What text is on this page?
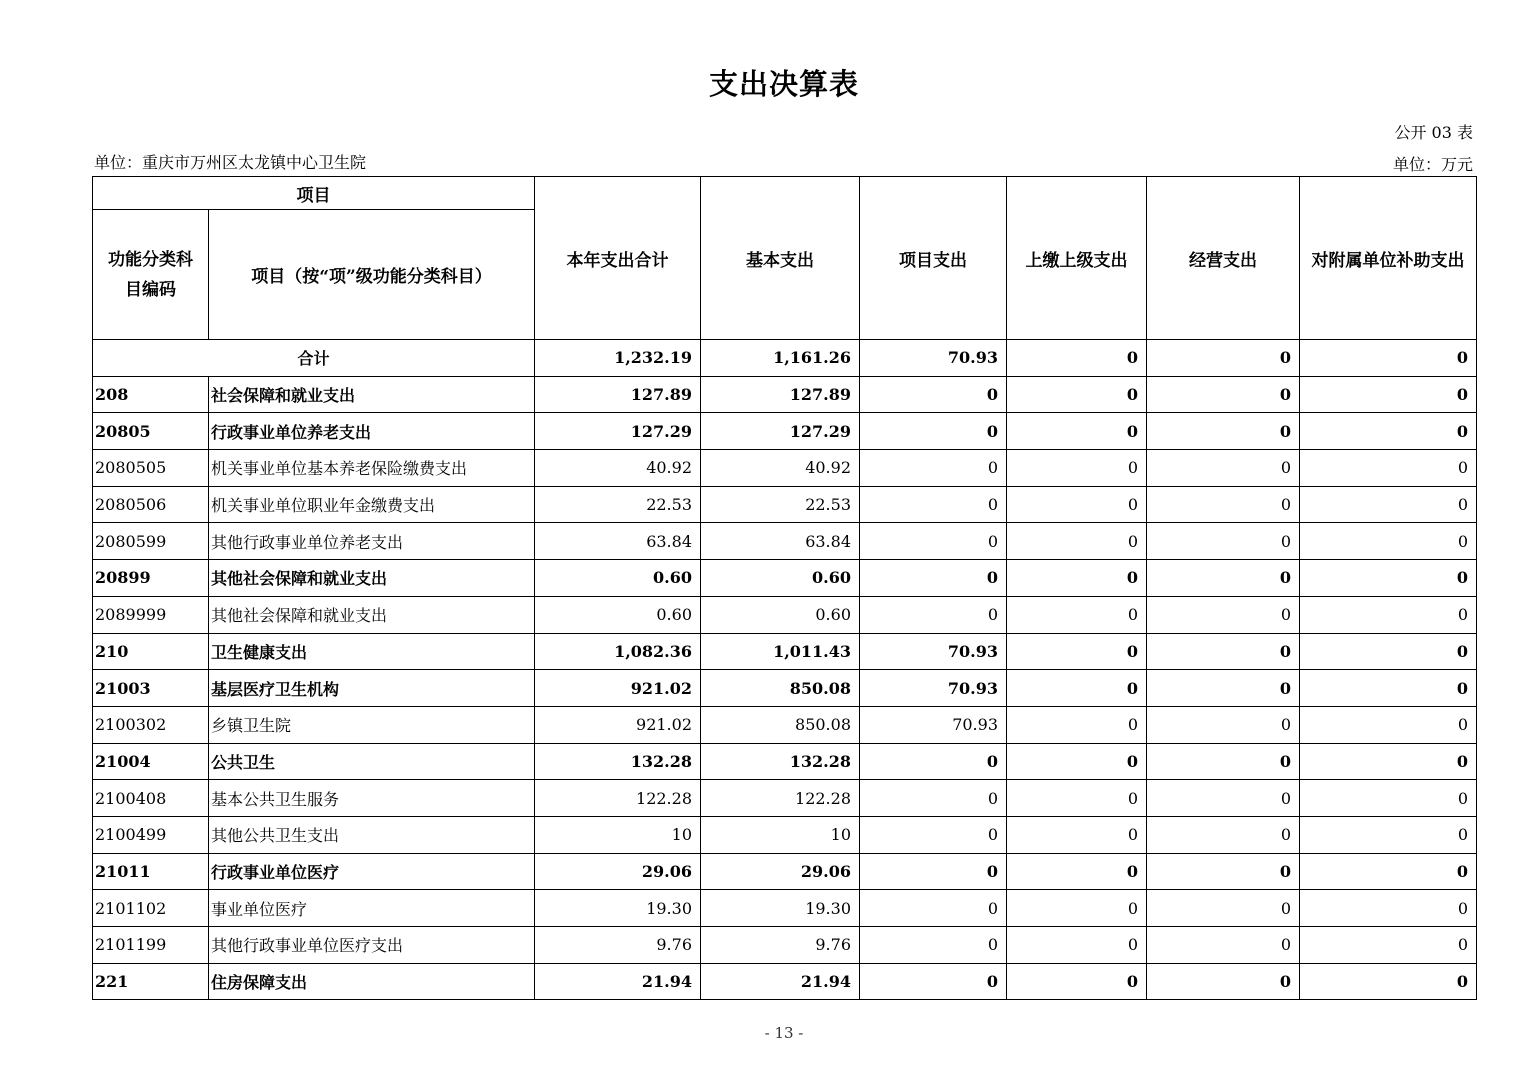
支出决算表
公开 03 表
单位：重庆市万州区太龙镇中心卫生院	单位：万元
项目		本年支出合计	基本支出	项目支出	上缴上级支出	经营支出	对附属单位补助支出
功能分类科目编码	项目（按“项”级功能分类科目）						
合计		1,232.19	1,161.26	70.93	0	0	0
208	社会保障和就业支出	127.89	127.89	0	0	0	0
20805	行政事业单位养老支出	127.29	127.29	0	0	0	0
2080505	机关事业单位基本养老保险缴费支出	40.92	40.92	0	0	0	0
2080506	机关事业单位职业年金缴费支出	22.53	22.53	0	0	0	0
2080599	其他行政事业单位养老支出	63.84	63.84	0	0	0	0
20899	其他社会保障和就业支出	0.60	0.60	0	0	0	0
2089999	其他社会保障和就业支出	0.60	0.60	0	0	0	0
210	卫生健康支出	1,082.36	1,011.43	70.93	0	0	0
21003	基层医疗卫生机构	921.02	850.08	70.93	0	0	0
2100302	乡镇卫生院	921.02	850.08	70.93	0	0	0
21004	公共卫生	132.28	132.28	0	0	0	0
2100408	基本公共卫生服务	122.28	122.28	0	0	0	0
2100499	其他公共卫生支出	10	10	0	0	0	0
21011	行政事业单位医疗	29.06	29.06	0	0	0	0
2101102	事业单位医疗	19.30	19.30	0	0	0	0
2101199	其他行政事业单位医疗支出	9.76	9.76	0	0	0	0
221	住房保障支出	21.94	21.94	0	0	0	0
- 13 -
